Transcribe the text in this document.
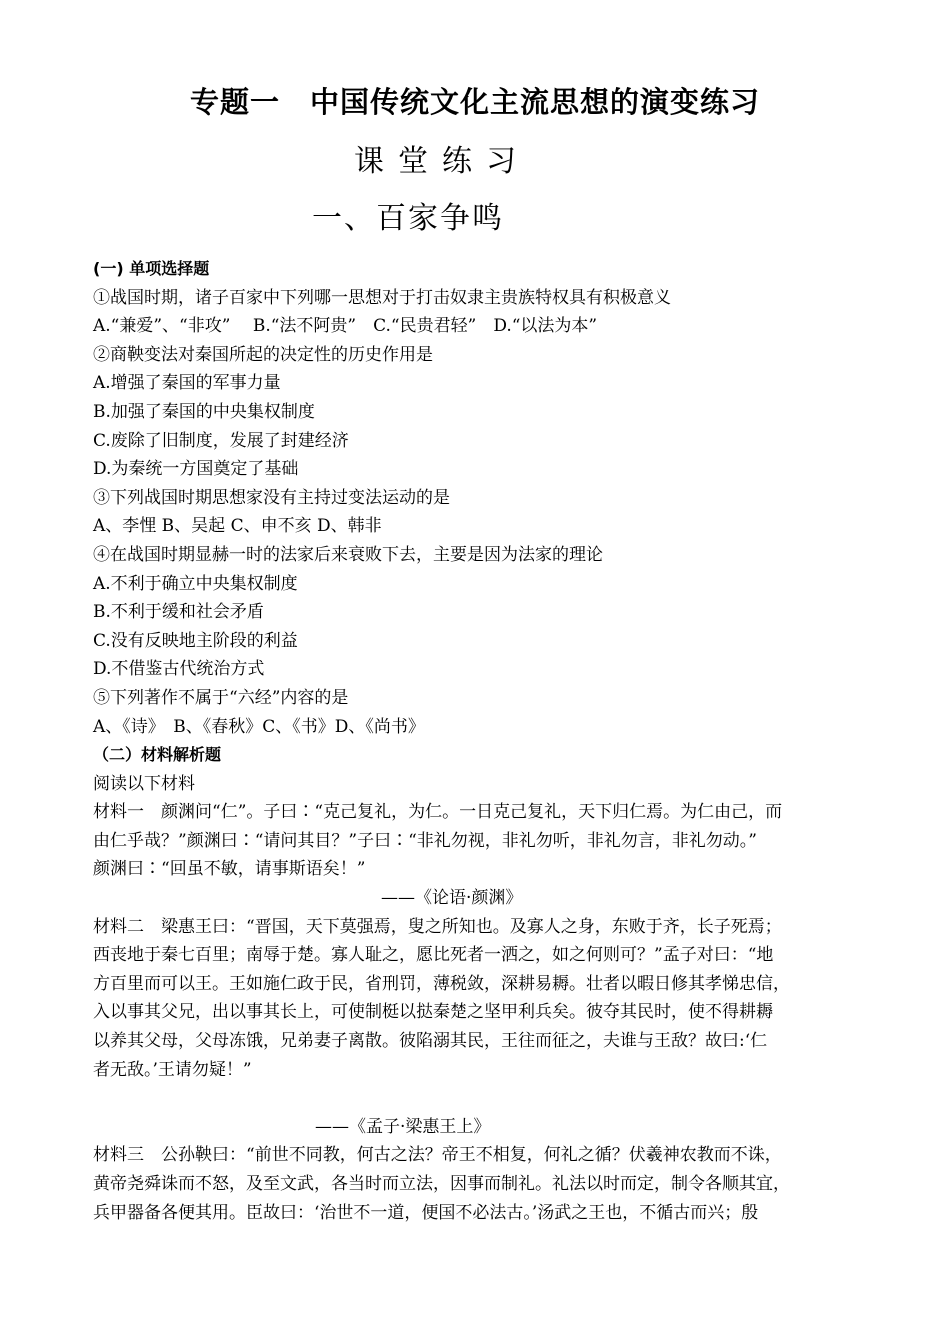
专题一　中国传统文化主流思想的演变练习
课堂练习
一、百家争鸣
(一) 单项选择题
①战国时期，诸子百家中下列哪一思想对于打击奴隶主贵族特权具有积极意义
A.“兼爱”、“非攻”　 B.“法不阿贵”　C.“民贵君轻”　D.“以法为本”
②商鞅变法对秦国所起的决定性的历史作用是
A.增强了秦国的军事力量
B.加强了秦国的中央集权制度
C.废除了旧制度，发展了封建经济
D.为秦统一方国奠定了基础
③下列战国时期思想家没有主持过变法运动的是
A、李悝 B、吴起 C、申不亥 D、韩非
④在战国时期显赫一时的法家后来衰败下去，主要是因为法家的理论
A.不利于确立中央集权制度
B.不利于缓和社会矛盾
C.没有反映地主阶段的利益
D.不借鉴古代统治方式
⑤下列著作不属于“六经”内容的是
A、《诗》　B、《春秋》C、《书》D、《尚书》
（二）材料解析题
阅读以下材料
材料一　颜渊问“仁”。子曰∶“克己复礼，为仁。一日克己复礼，天下归仁焉。为仁由己，而
由仁乎哉？”颜渊曰∶“请问其目？”子曰∶“非礼勿视，非礼勿听，非礼勿言，非礼勿动。”
颜渊曰∶“回虽不敏，请事斯语矣！”
——《论语·颜渊》
材料二　梁惠王曰：“晋国，天下莫强焉，叟之所知也。及寡人之身，东败于齐，长子死焉；
西丧地于秦七百里；南辱于楚。寡人耻之，愿比死者一洒之，如之何则可？”孟子对曰：“地
方百里而可以王。王如施仁政于民，省刑罚，薄税敛，深耕易耨。壮者以暇日修其孝悌忠信，
入以事其父兄，出以事其长上，可使制梃以挞秦楚之坚甲利兵矣。彼夺其民时，使不得耕耨
以养其父母，父母冻饿，兄弟妻子离散。彼陷溺其民，王往而征之，夫谁与王敌？故曰:‘仁
者无敌。’王请勿疑！”
——《孟子·梁惠王上》
材料三　公孙鞅曰：“前世不同教，何古之法？帝王不相复，何礼之循？伏羲神农教而不诛，
黄帝尧舜诛而不怒，及至文武，各当时而立法，因事而制礼。礼法以时而定，制令各顺其宜，
兵甲器备各便其用。臣故曰：‘治世不一道，便国不必法古。’汤武之王也，不循古而兴；殷
